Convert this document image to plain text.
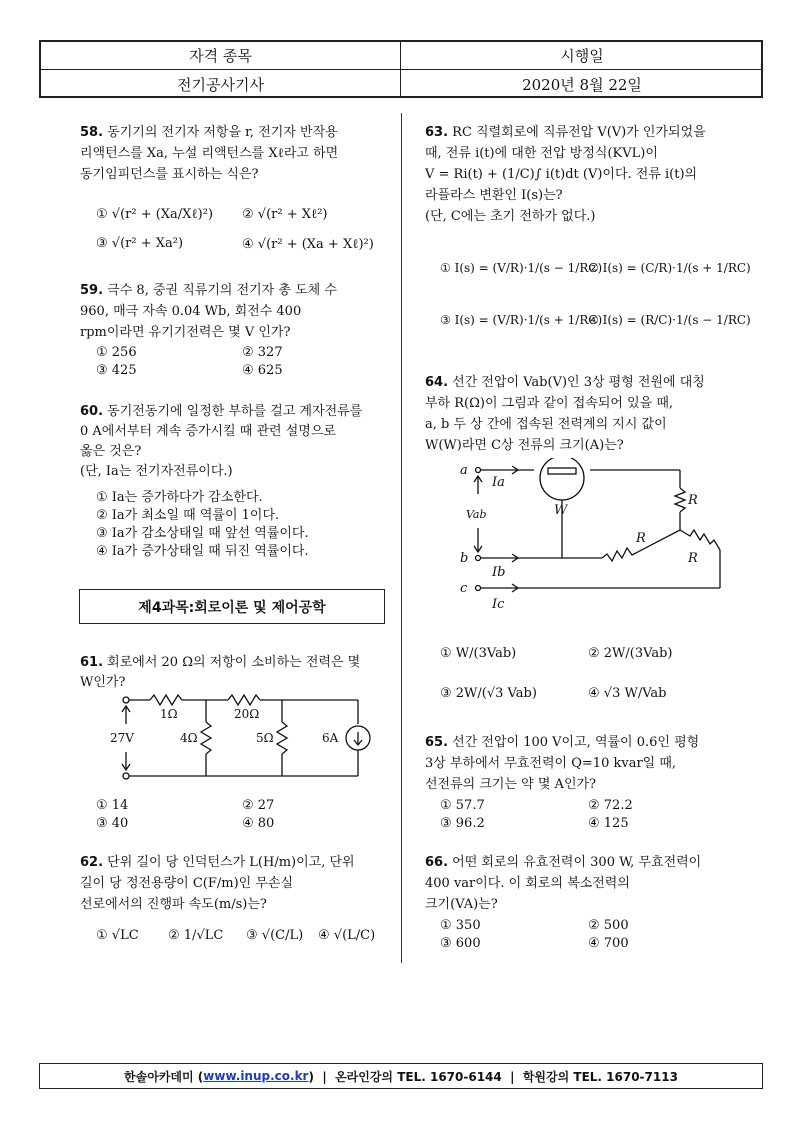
자격 종목	시행일
전기공사기사	2020년 8월 22일
58. 동기기의 전기자 저항을 r, 전기자 반작용
리액턴스를 Xa, 누설 리액턴스를 Xℓ라고 하면
동기임피던스를 표시하는 식은?
① √(r² + (Xa/Xℓ)²) ② √(r² + Xℓ²)
③ √(r² + Xa²)	④ √(r² + (Xa + Xℓ)²)
59. 극수 8, 중권 직류기의 전기자 총 도체 수
960, 매극 자속 0.04 Wb, 회전수 400
rpm이라면 유기기전력은 몇 V 인가?
① 256	② 327
③ 425	④ 625
60. 동기전동기에 일정한 부하를 걸고 계자전류를
0 A에서부터 계속 증가시킬 때 관련 설명으로
옳은 것은?
(단, Ia는 전기자전류이다.)
① Ia는 증가하다가 감소한다.
② Ia가 최소일 때 역률이 1이다.
③ Ia가 감소상태일 때 앞선 역률이다.
④ Ia가 증가상태일 때 뒤진 역률이다.
제4과목:회로이론 및 제어공학
61. 회로에서 20 Ω의 저항이 소비하는 전력은 몇
W인가?
1Ω	20Ω
4Ω	5Ω
27V	6A
① 14	② 27
③ 40	④ 80
62. 단위 길이 당 인덕턴스가 L(H/m)이고, 단위
길이 당 정전용량이 C(F/m)인 무손실
선로에서의 진행파 속도(m/s)는?
① √LC ② 1/√LC ③ √(C/L) ④ √(L/C)
63. RC 직렬회로에 직류전압 V(V)가 인가되었을
때, 전류 i(t)에 대한 전압 방정식(KVL)이
V = Ri(t) + (1/C)∫ i(t)dt (V)이다. 전류 i(t)의
라플라스 변환인 I(s)는?
(단, C에는 초기 전하가 없다.)
① I(s) = (V/R)·1/(s − 1/RC)
② I(s) = (C/R)·1/(s + 1/RC)
③ I(s) = (V/R)·1/(s + 1/RC)
④ I(s) = (R/C)·1/(s − 1/RC)
64. 선간 전압이 Vab(V)인 3상 평형 전원에 대칭
부하 R(Ω)이 그림과 같이 접속되어 있을 때,
a, b 두 상 간에 접속된 전력계의 지시 값이
W(W)라면 C상 전류의 크기(A)는?
a
b
c
Ia
Ib
Ic
Vab	W
R
R
R
① W/(3Vab)	② 2W/(3Vab)
③ 2W/(√3 Vab)	④ √3 W/Vab
65. 선간 전압이 100 V이고, 역률이 0.6인 평형
3상 부하에서 무효전력이 Q=10 kvar일 때,
선전류의 크기는 약 몇 A인가?
① 57.7	② 72.2
③ 96.2	④ 125
66. 어떤 회로의 유효전력이 300 W, 무효전력이
400 var이다. 이 회로의 복소전력의
크기(VA)는?
① 350	② 500
③ 600	④ 700
한솔아카데미 ( www.inup.co.kr )  |  온라인강의 TEL. 1670-6144  |  학원강의 TEL. 1670-7113
